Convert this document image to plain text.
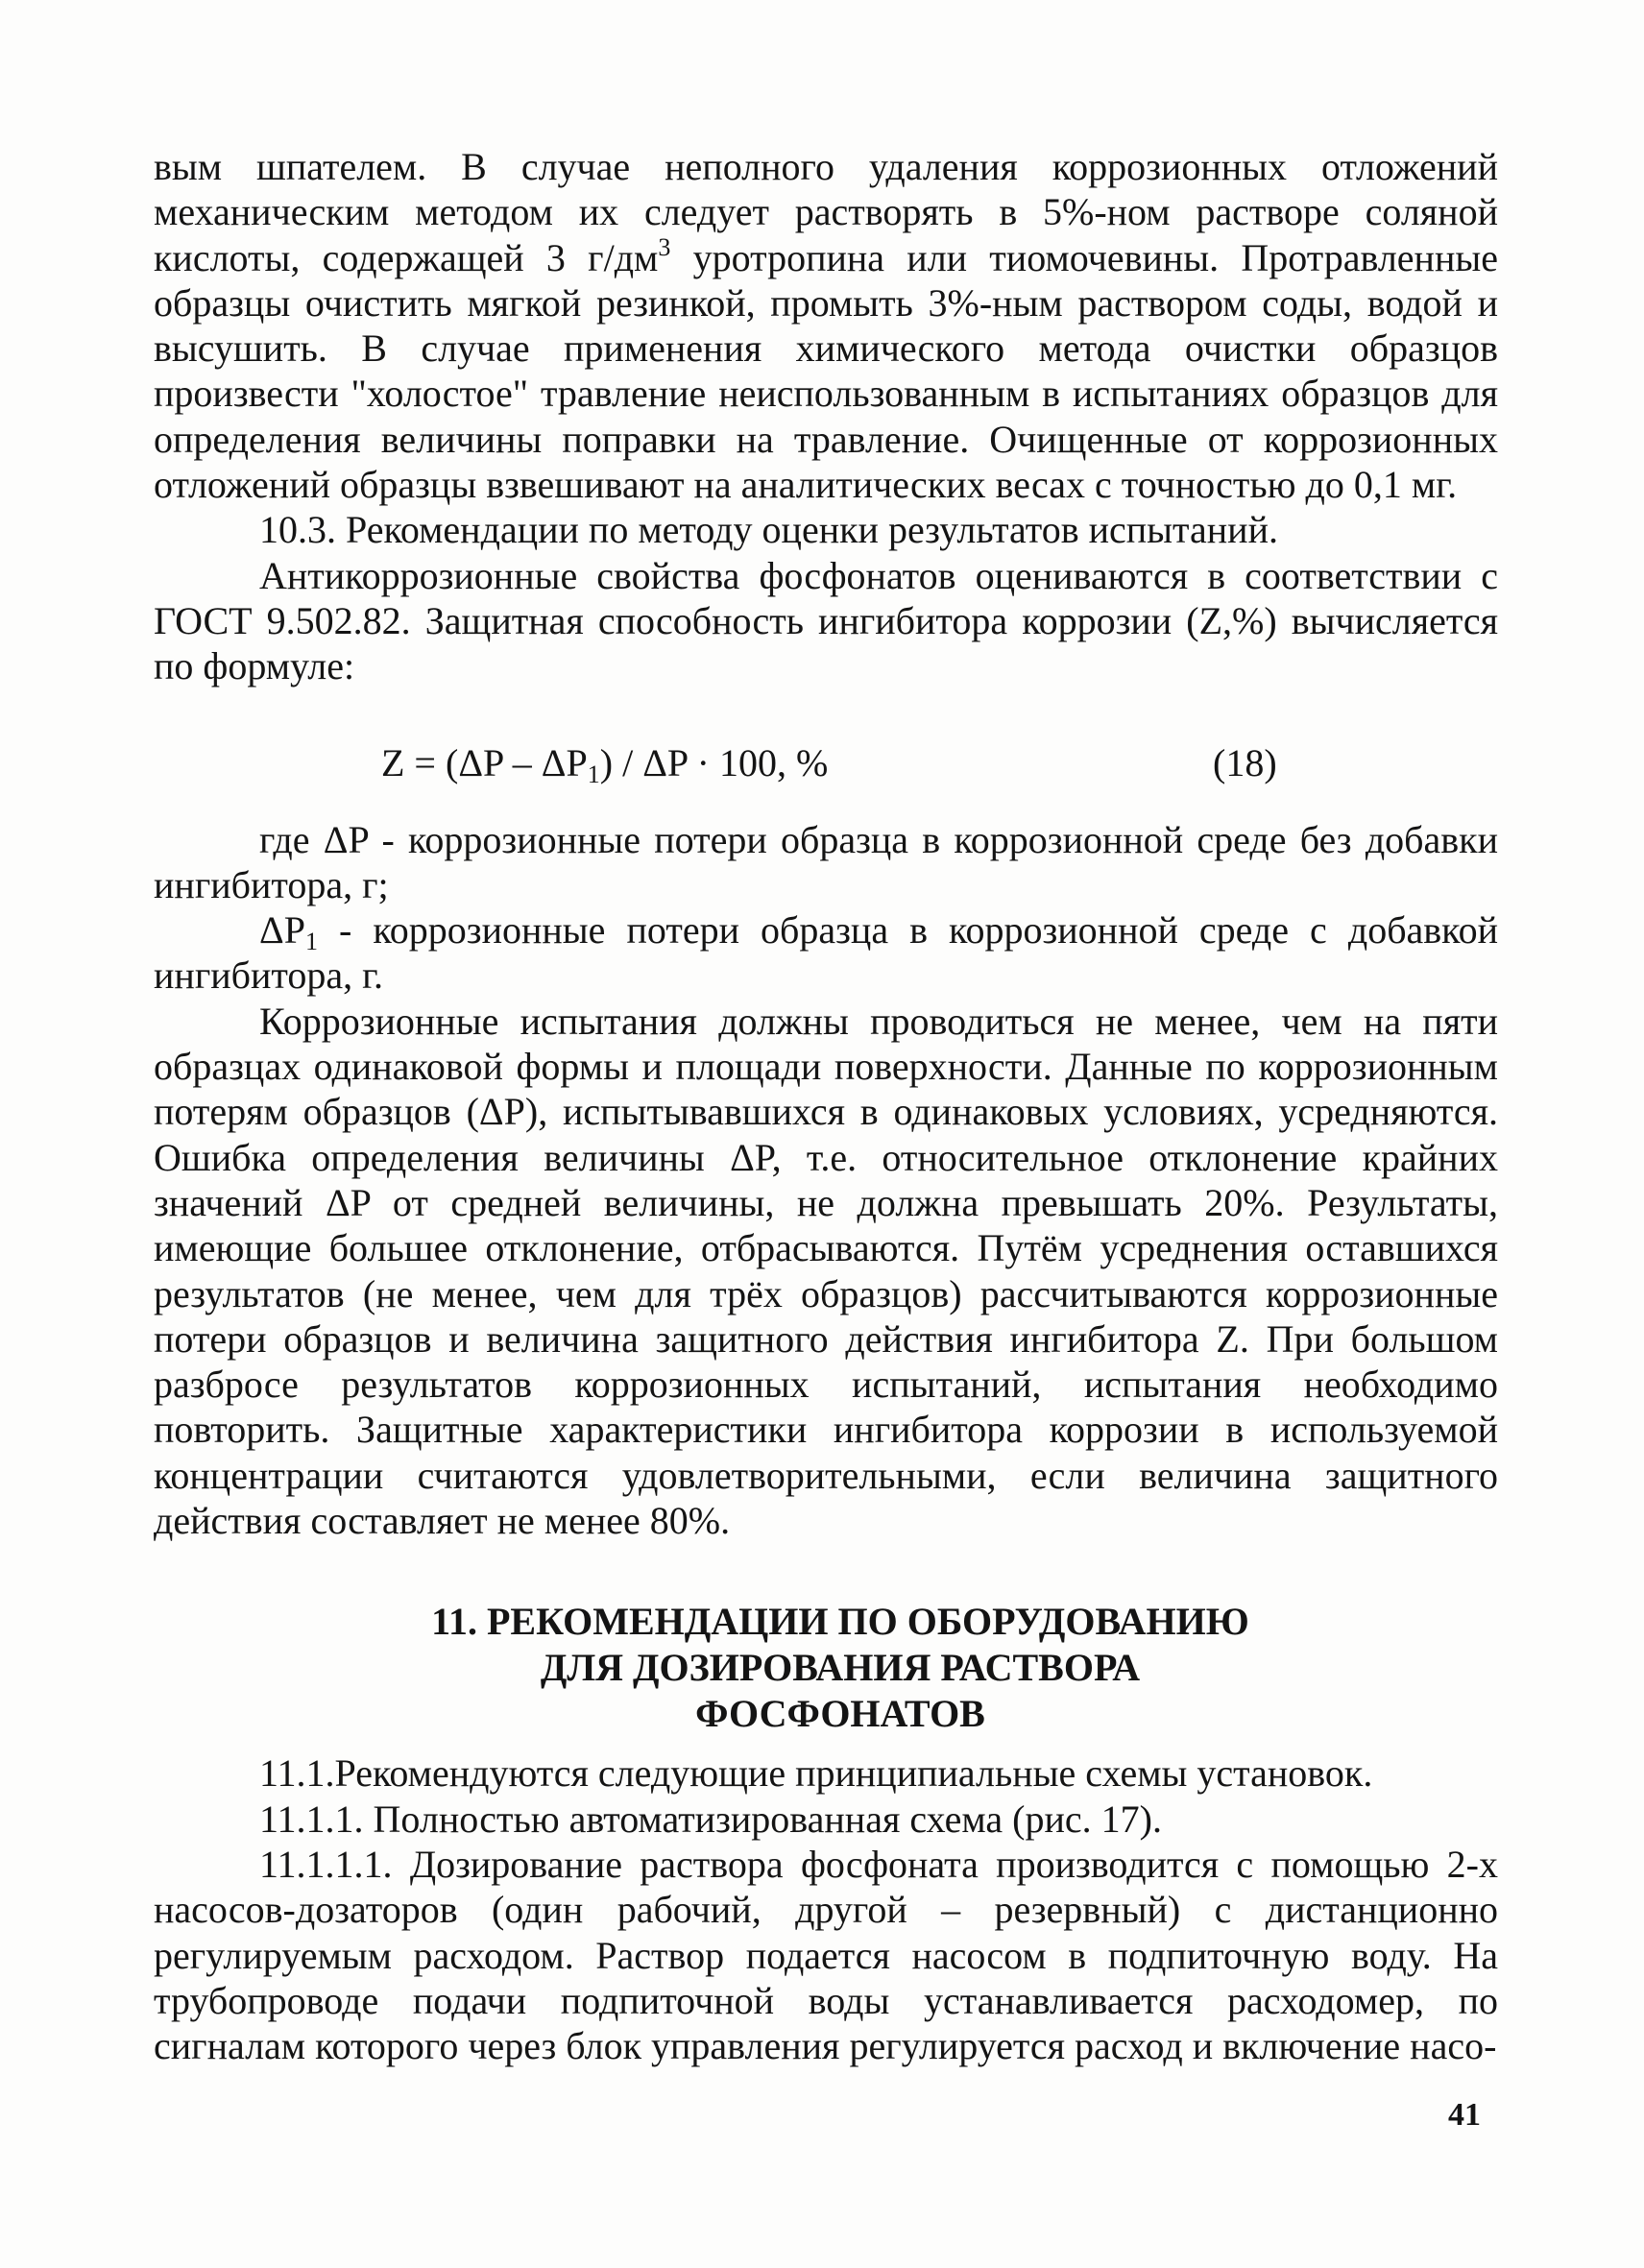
вым шпателем. В случае неполного удаления коррозионных отложений механическим методом их следует растворять в 5%-ном растворе соляной кислоты, содержащей 3 $г/дм^3$ уротропина или тиомочевины. Протравленные образцы очистить мягкой резинкой, промыть 3%-ным раствором соды, водой и высушить. В случае применения химического метода очистки образцов произвести "холостое" травление неиспользованным в испытаниях образцов для определения величины поправки на травление. Очищенные от коррозионных отложений образцы взвешивают на аналитических весах с точностью до 0,1 мг.

10.3. Рекомендации по методу оценки результатов испытаний.

Антикоррозионные свойства фосфонатов оцениваются в соответствии с ГОСТ 9.502.82. Защитная способность ингибитора коррозии (Z,%) вычисляется по формуле:

$Z = (\Delta P - \Delta P_1) / \Delta P \cdot 100$, %	(18)

где ΔP - коррозионные потери образца в коррозионной среде без добавки ингибитора, г;

$\Delta P_1$ - коррозионные потери образца в коррозионной среде с добавкой ингибитора, г.

Коррозионные испытания должны проводиться не менее, чем на пяти образцах одинаковой формы и площади поверхности. Данные по коррозионным потерям образцов (ΔP), испытывавшихся в одинаковых условиях, усредняются. Ошибка определения величины ΔP, т.е. относительное отклонение крайних значений ΔP от средней величины, не должна превышать 20%. Результаты, имеющие большее отклонение, отбрасываются. Путём усреднения оставшихся результатов (не менее, чем для трёх образцов) рассчитываются коррозионные потери образцов и величина защитного действия ингибитора Z. При большом разбросе результатов коррозионных испытаний, испытания необходимо повторить. Защитные характеристики ингибитора коррозии в используемой концентрации считаются удовлетворительными, если величина защитного действия составляет не менее 80%.

11. РЕКОМЕНДАЦИИ ПО ОБОРУДОВАНИЮ
ДЛЯ ДОЗИРОВАНИЯ РАСТВОРА
ФОСФОНАТОВ

11.1.Рекомендуются следующие принципиальные схемы установок.

11.1.1. Полностью автоматизированная схема (рис. 17).

11.1.1.1. Дозирование раствора фосфоната производится с помощью 2-х насосов-дозаторов (один рабочий, другой – резервный) с дистанционно регулируемым расходом. Раствор подается насосом в подпиточную воду. На трубопроводе подачи подпиточной воды устанавливается расходомер, по сигналам которого через блок управления регулируется расход и включение насо-

41
